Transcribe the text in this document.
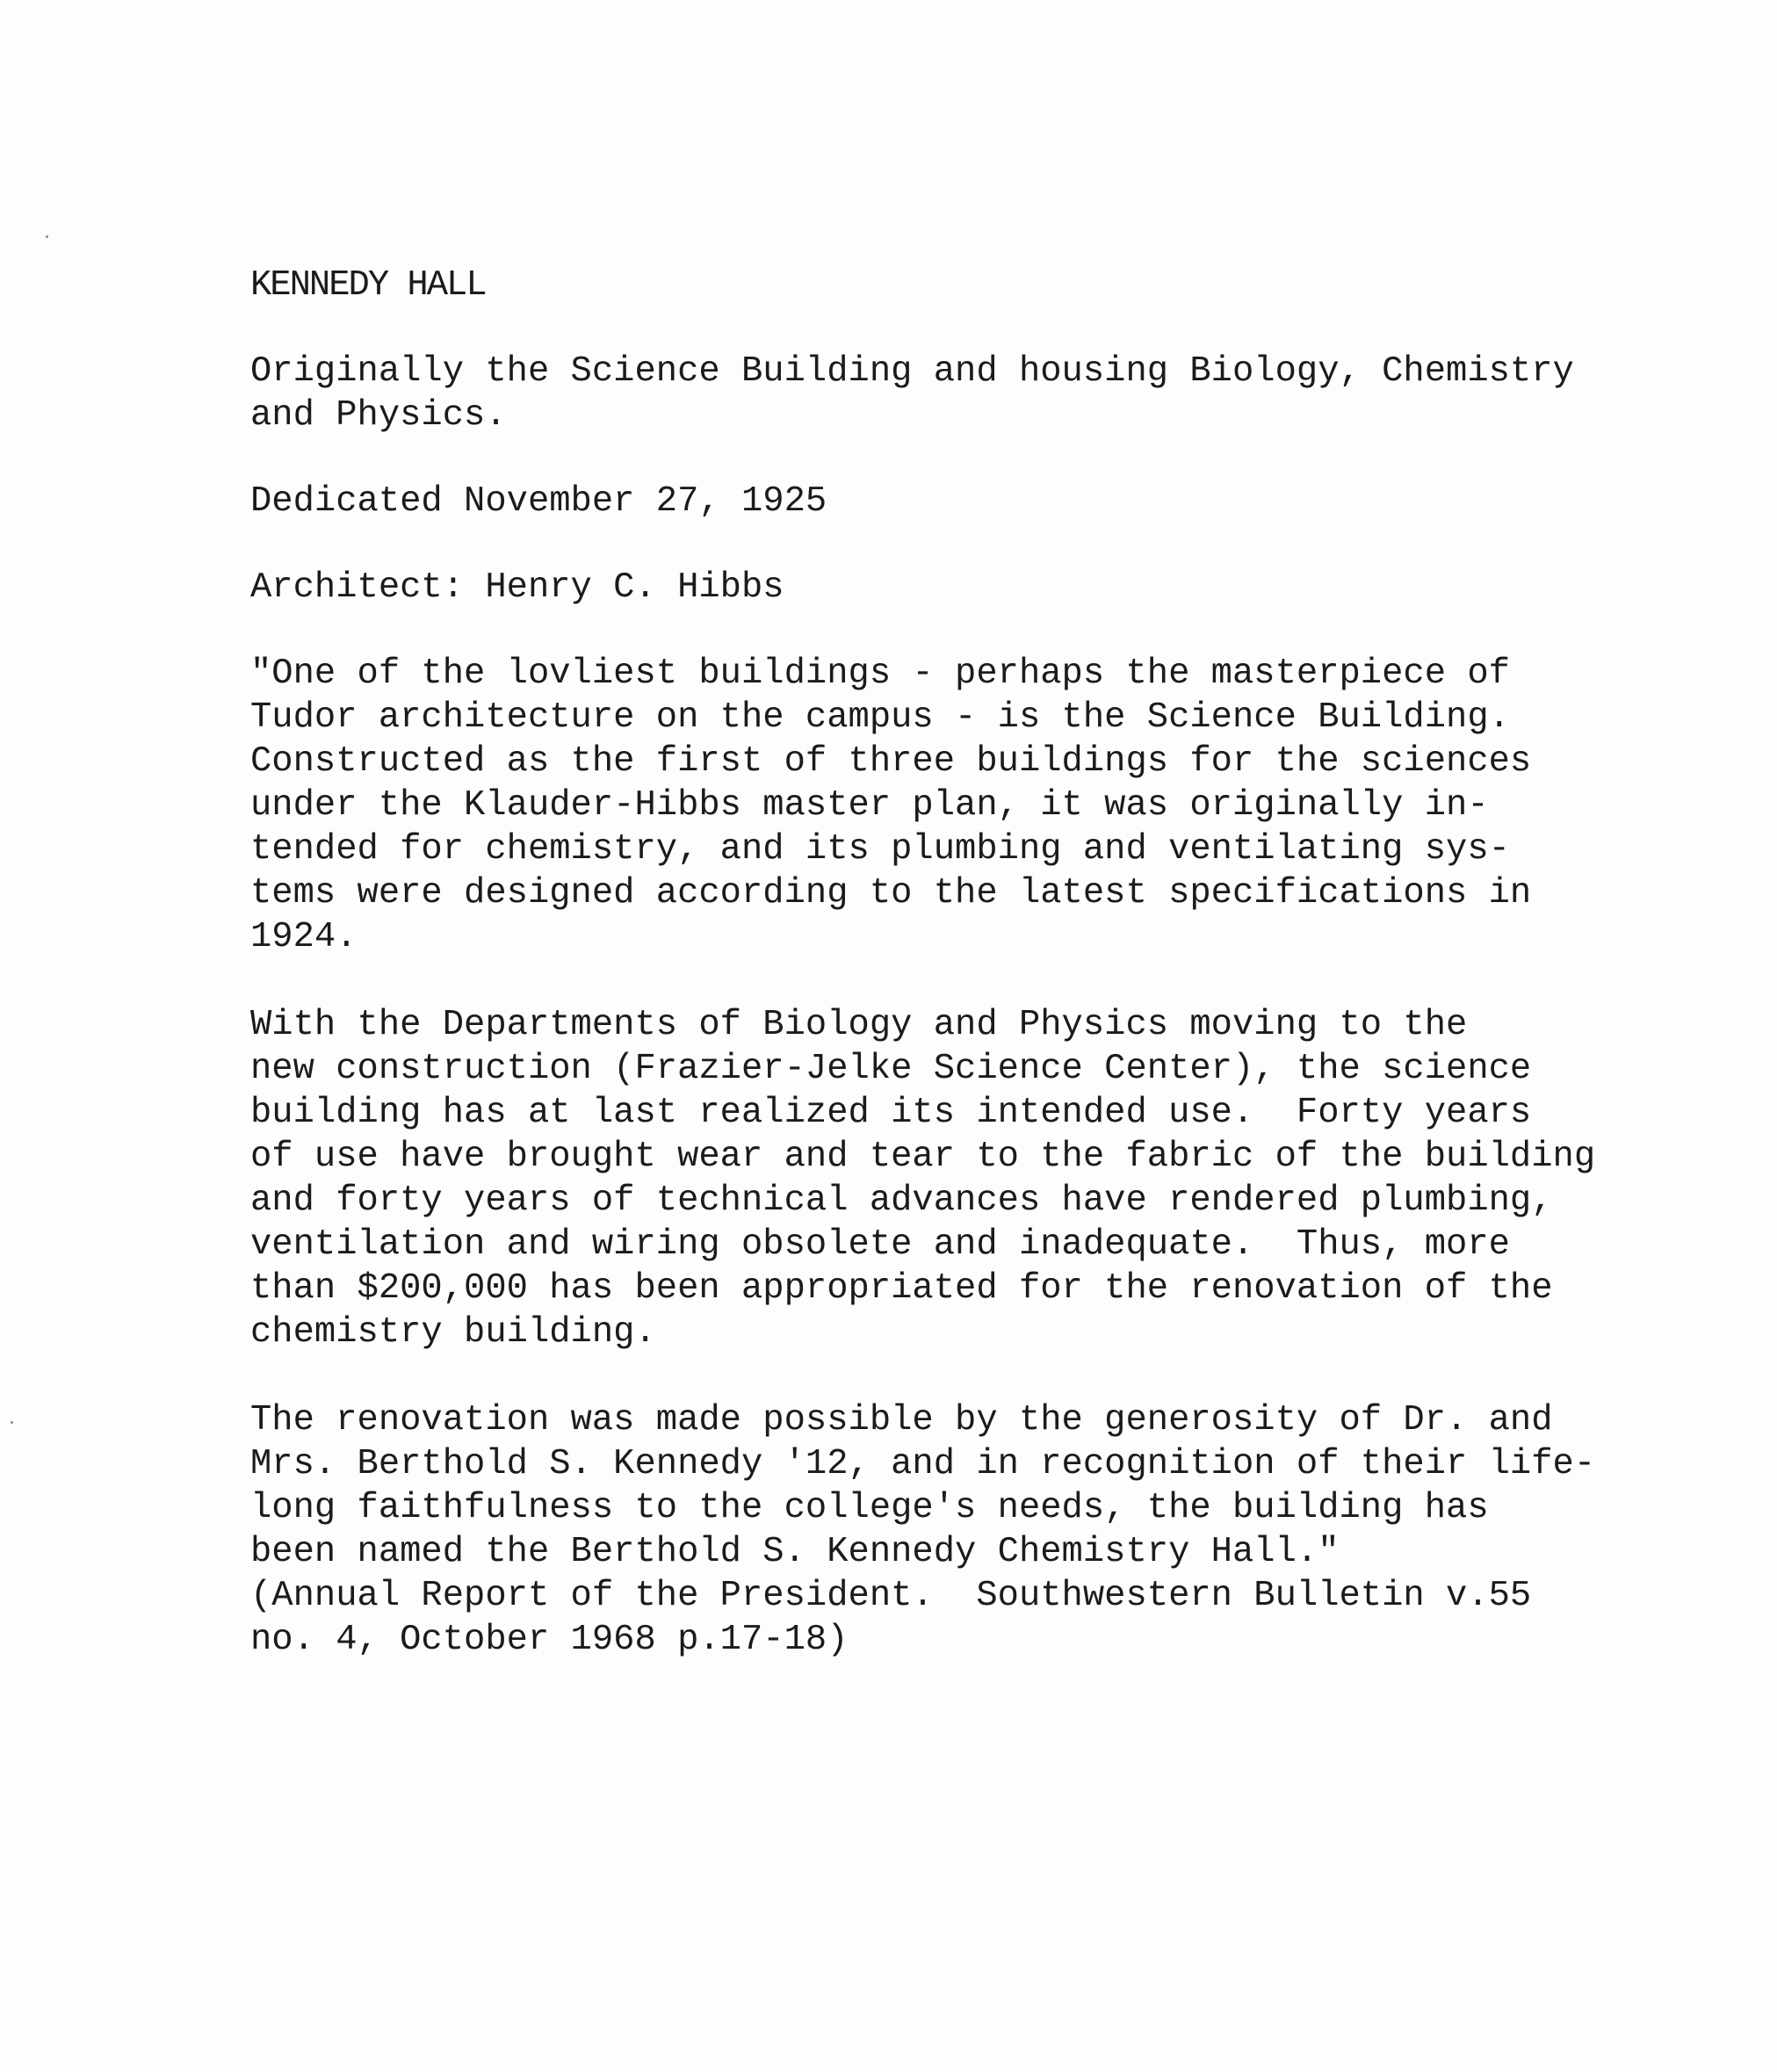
KENNEDY HALL
Originally the Science Building and housing Biology, Chemistry
and Physics.
Dedicated November 27, 1925
Architect: Henry C. Hibbs
"One of the lovliest buildings - perhaps the masterpiece of
Tudor architecture on the campus - is the Science Building.
Constructed as the first of three buildings for the sciences
under the Klauder-Hibbs master plan, it was originally in-
tended for chemistry, and its plumbing and ventilating sys-
tems were designed according to the latest specifications in
1924.
With the Departments of Biology and Physics moving to the
new construction (Frazier-Jelke Science Center), the science
building has at last realized its intended use.  Forty years
of use have brought wear and tear to the fabric of the building
and forty years of technical advances have rendered plumbing,
ventilation and wiring obsolete and inadequate.  Thus, more
than $200,000 has been appropriated for the renovation of the
chemistry building.
The renovation was made possible by the generosity of Dr. and
Mrs. Berthold S. Kennedy '12, and in recognition of their life-
long faithfulness to the college's needs, the building has
been named the Berthold S. Kennedy Chemistry Hall."
(Annual Report of the President.  Southwestern Bulletin v.55
no. 4, October 1968 p.17-18)
